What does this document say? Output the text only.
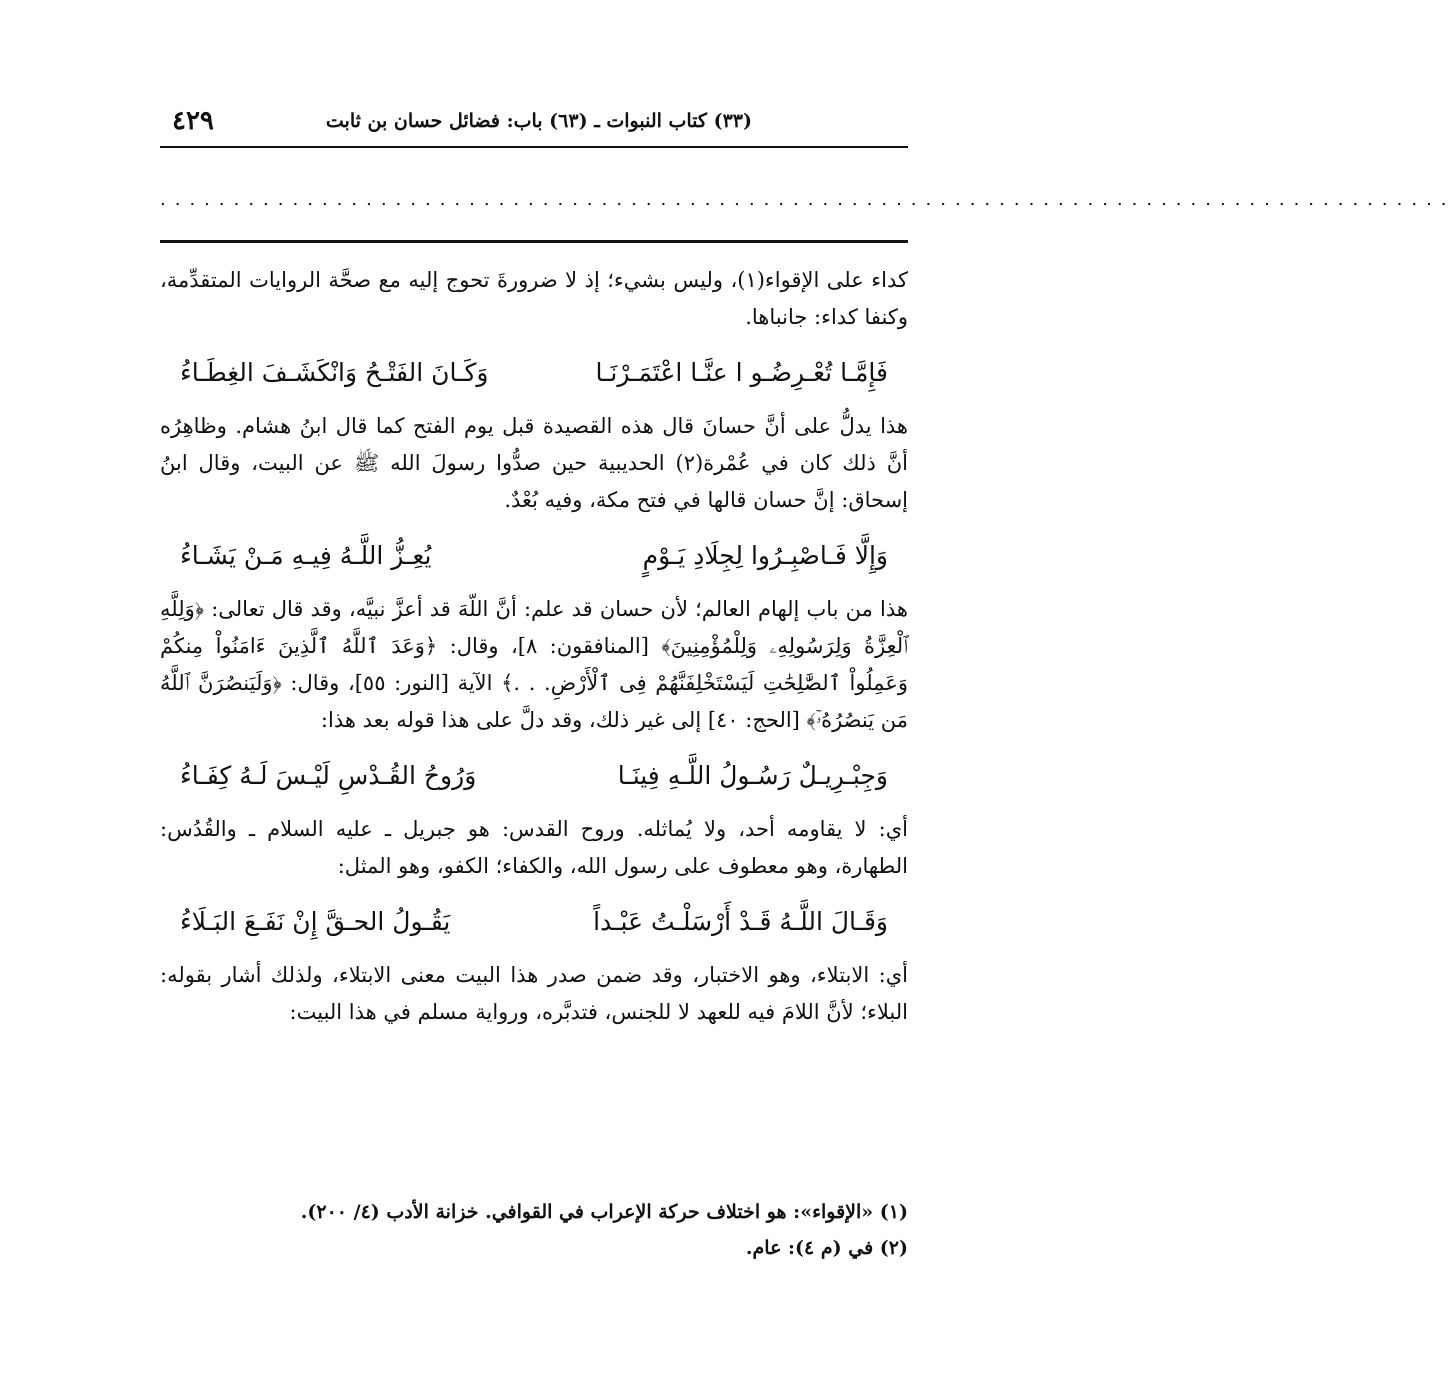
٤٢٩	(٣٣) كتاب النبوات ـ (٦٣) باب: فضائل حسان بن ثابت
........................................................................................

كداء على الإقواء(١)، وليس بشيء؛ إذ لا ضرورةَ تحوج إليه مع صحَّة الروايات المتقدِّمة، وكنفا كداء: جانباها.

فَإِمَّـا تُعْـرِضُـو ا عنَّـا اعْتَمَـرْنَـا
وَكَـانَ الفَتْـحُ وَانْكَشَـفَ الغِطَـاءُ

هذا يدلُّ على أنَّ حسانَ قال هذه القصيدة قبل يوم الفتح كما قال ابنُ هشام. وظاهِرُه أنَّ ذلك كان في عُمْرة(٢) الحديبية حين صدُّوا رسولَ الله ﷺ عن البيت، وقال ابنُ إسحاق: إنَّ حسان قالها في فتح مكة، وفيه بُعْدٌ.

وَإِلَّا فَـاصْبِـرُوا لِجِلَادِ يَـوْمٍ
يُعِـزُّ اللَّـهُ فِيـهِ مَـنْ يَشَـاءُ

هذا من باب إلهام العالم؛ لأن حسان قد علم: أنَّ اللّهَ قد أعزَّ نبيَّه، وقد قال تعالى: ﴿وَلِلَّهِ ٱلْعِزَّةُ وَلِرَسُولِهِۦ وَلِلْمُؤْمِنِينَ﴾ [المنافقون: ٨]، وقال: ﴿وَعَدَ ٱللَّهُ ٱلَّذِينَ ءَامَنُواْ مِنكُمْ وَعَمِلُواْ ٱلصَّٰلِحَٰتِ لَيَسْتَخْلِفَنَّهُمْ فِى ٱلْأَرْضِ. . .﴾ الآية [النور: ٥٥]، وقال: ﴿وَلَيَنصُرَنَّ ٱللَّهُ مَن يَنصُرُهُۥٓ﴾ [الحج: ٤٠] إلى غير ذلك، وقد دلَّ على هذا قوله بعد هذا:

وَجِبْـرِيـلٌ رَسُـولُ اللَّـهِ فِينَـا
وَرُوحُ القُـدْسِ لَيْـسَ لَـهُ كِفَـاءُ

أي: لا يقاومه أحد، ولا يُماثله. وروح القدس: هو جبريل ـ عليه السلام ـ والقُدُس: الطهارة، وهو معطوف على رسول الله، والكفاء؛ الكفو، وهو المثل:

وَقَـالَ اللَّـهُ قَـدْ أَرْسَلْـتُ عَبْـداً
يَقُـولُ الحـقَّ إِنْ نَفَـعَ البَـلَاءُ

أي: الابتلاء، وهو الاختبار، وقد ضمن صدر هذا البيت معنى الابتلاء، ولذلك أشار بقوله: البلاء؛ لأنَّ اللامَ فيه للعهد لا للجنس، فتدبَّره، ورواية مسلم في هذا البيت:

(١) «الإقواء»: هو اختلاف حركة الإعراب في القوافي. خزانة الأدب (٤/ ٢٠٠).
(٢) في (م ٤): عام.
